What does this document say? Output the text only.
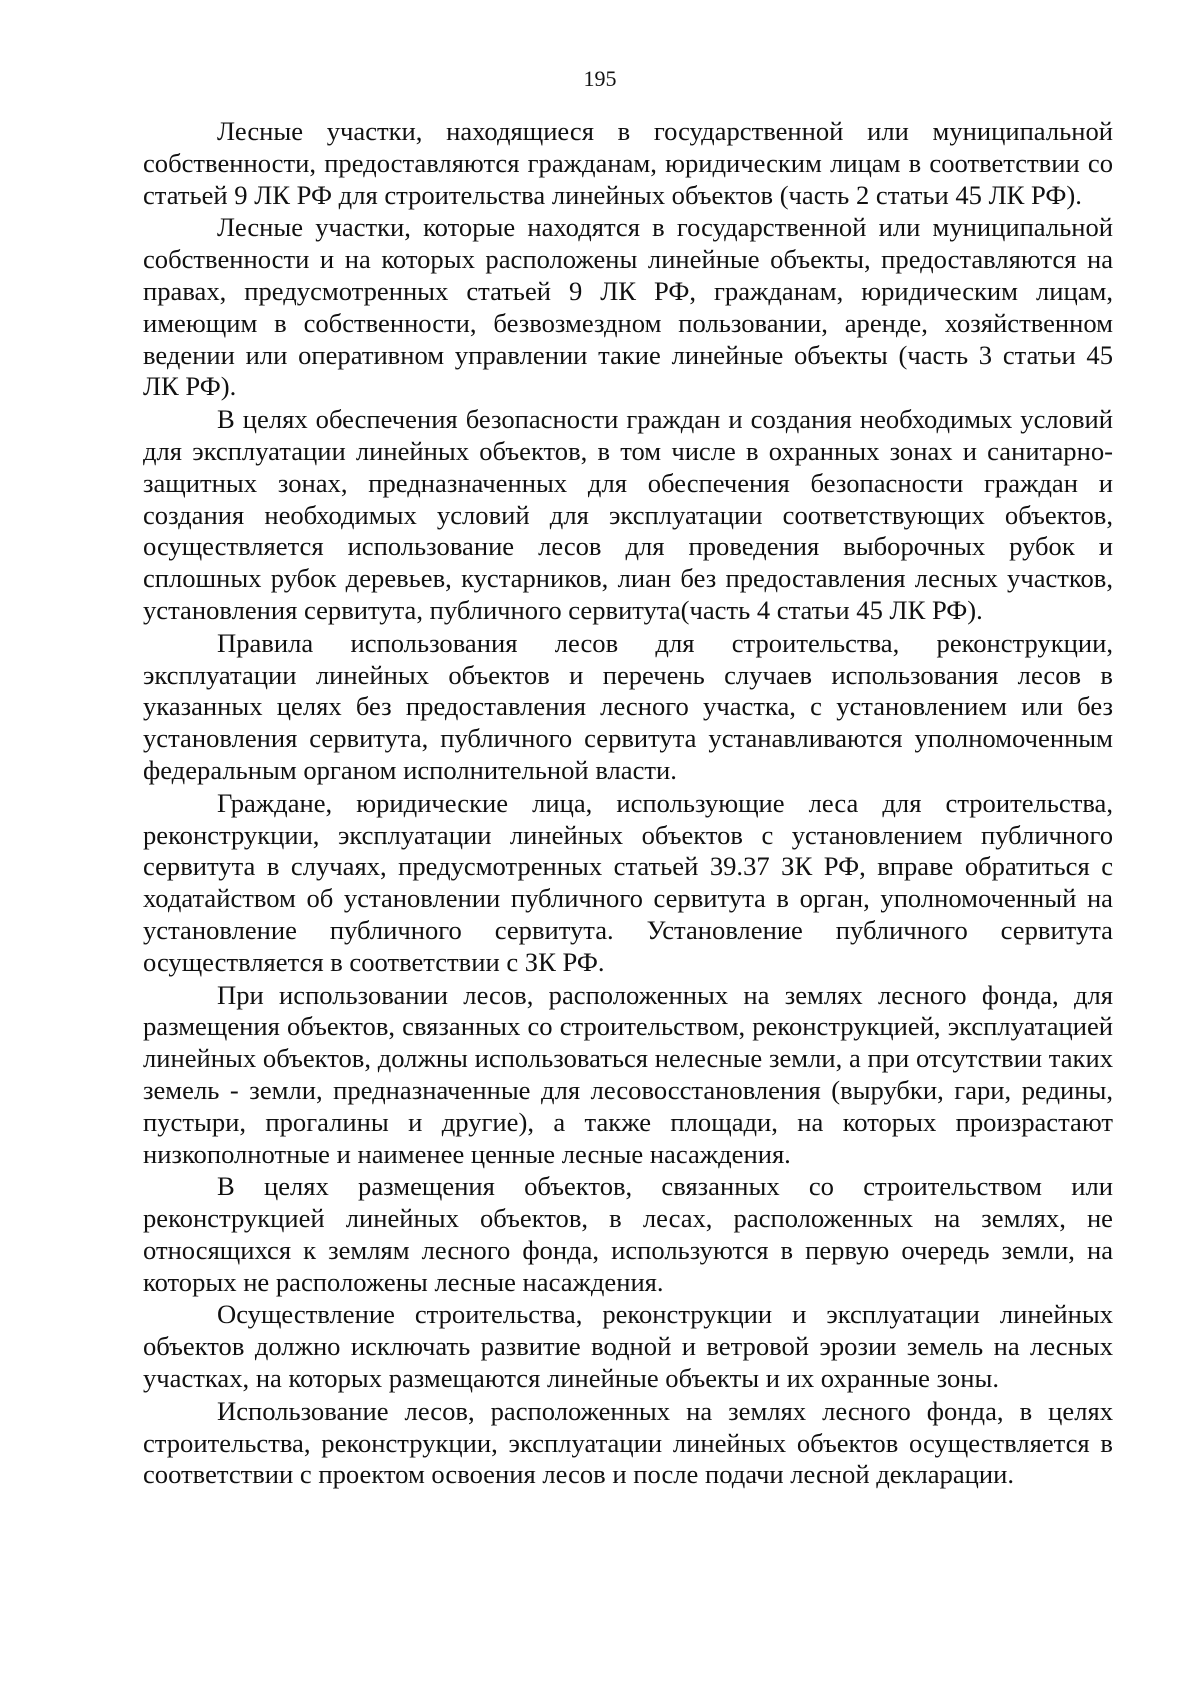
195

Лесные участки, находящиеся в государственной или муниципальной собственности, предоставляются гражданам, юридическим лицам в соответствии со статьей 9 ЛК РФ для строительства линейных объектов (часть 2 статьи 45 ЛК РФ).

Лесные участки, которые находятся в государственной или муниципальной собственности и на которых расположены линейные объекты, предоставляются на правах, предусмотренных статьей 9 ЛК РФ, гражданам, юридическим лицам, имеющим в собственности, безвозмездном пользовании, аренде, хозяйственном ведении или оперативном управлении такие линейные объекты (часть 3 статьи 45 ЛК РФ).

В целях обеспечения безопасности граждан и создания необходимых условий для эксплуатации линейных объектов, в том числе в охранных зонах и санитарно-защитных зонах, предназначенных для обеспечения безопасности граждан и создания необходимых условий для эксплуатации соответствующих объектов, осуществляется использование лесов для проведения выборочных рубок и сплошных рубок деревьев, кустарников, лиан без предоставления лесных участков, установления сервитута, публичного сервитута(часть 4 статьи 45 ЛК РФ).

Правила использования лесов для строительства, реконструкции, эксплуатации линейных объектов и перечень случаев использования лесов в указанных целях без предоставления лесного участка, с установлением или без установления сервитута, публичного сервитута устанавливаются уполномоченным федеральным органом исполнительной власти.

Граждане, юридические лица, использующие леса для строительства, реконструкции, эксплуатации линейных объектов с установлением публичного сервитута в случаях, предусмотренных статьей 39.37 ЗК РФ, вправе обратиться с ходатайством об установлении публичного сервитута в орган, уполномоченный на установление публичного сервитута. Установление публичного сервитута осуществляется в соответствии с ЗК РФ.

При использовании лесов, расположенных на землях лесного фонда, для размещения объектов, связанных со строительством, реконструкцией, эксплуатацией линейных объектов, должны использоваться нелесные земли, а при отсутствии таких земель - земли, предназначенные для лесовосстановления (вырубки, гари, редины, пустыри, прогалины и другие), а также площади, на которых произрастают низкополнотные и наименее ценные лесные насаждения.

В целях размещения объектов, связанных со строительством или реконструкцией линейных объектов, в лесах, расположенных на землях, не относящихся к землям лесного фонда, используются в первую очередь земли, на которых не расположены лесные насаждения.

Осуществление строительства, реконструкции и эксплуатации линейных объектов должно исключать развитие водной и ветровой эрозии земель на лесных участках, на которых размещаются линейные объекты и их охранные зоны.

Использование лесов, расположенных на землях лесного фонда, в целях строительства, реконструкции, эксплуатации линейных объектов осуществляется в соответствии с проектом освоения лесов и после подачи лесной декларации.
